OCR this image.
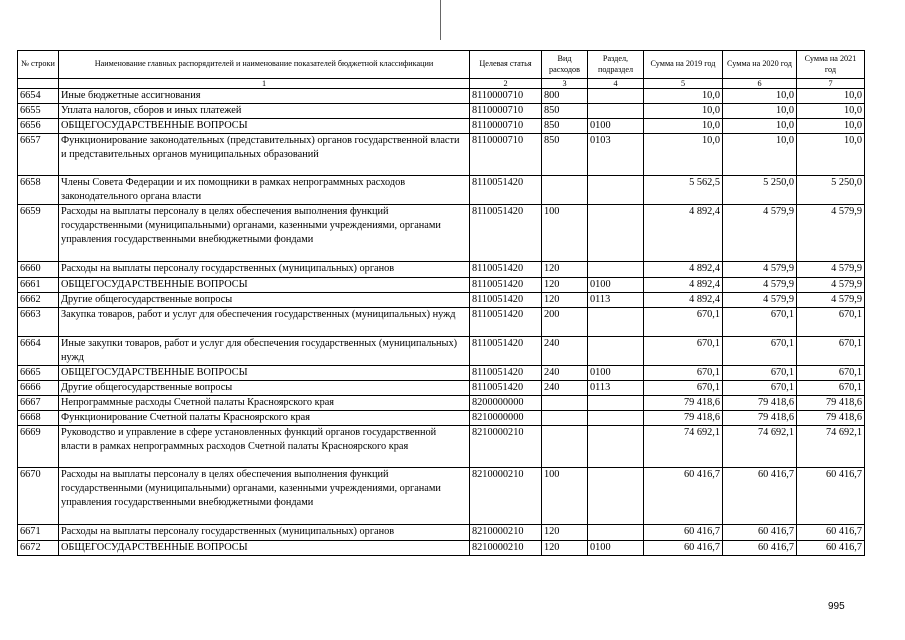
№ строки	Наименование главных распорядителей и наименование показателей бюджетной классификации	Целевая статья	Вид расходов	Раздел, подраздел	Сумма на 2019 год	Сумма на 2020 год	Сумма на 2021 год
	1	2	3	4	5	6	7
6654	Иные бюджетные ассигнования	8110000710	800		10,0	10,0	10,0
6655	Уплата налогов, сборов и иных платежей	8110000710	850		10,0	10,0	10,0
6656	ОБЩЕГОСУДАРСТВЕННЫЕ ВОПРОСЫ	8110000710	850	0100	10,0	10,0	10,0
6657	Функционирование законодательных (представительных) органов государственной власти и представительных органов муниципальных образований	8110000710	850	0103	10,0	10,0	10,0
6658	Члены Совета Федерации и их помощники в рамках непрограммных расходов законодательного органа власти	8110051420			5 562,5	5 250,0	5 250,0
6659	Расходы на выплаты персоналу в целях обеспечения выполнения функций государственными (муниципальными) органами, казенными учреждениями, органами управления государственными внебюджетными фондами	8110051420	100		4 892,4	4 579,9	4 579,9
6660	Расходы на выплаты персоналу государственных (муниципальных) органов	8110051420	120		4 892,4	4 579,9	4 579,9
6661	ОБЩЕГОСУДАРСТВЕННЫЕ ВОПРОСЫ	8110051420	120	0100	4 892,4	4 579,9	4 579,9
6662	Другие общегосударственные вопросы	8110051420	120	0113	4 892,4	4 579,9	4 579,9
6663	Закупка товаров, работ и услуг для обеспечения государственных (муниципальных) нужд	8110051420	200		670,1	670,1	670,1
6664	Иные закупки товаров, работ и услуг для обеспечения государственных (муниципальных) нужд	8110051420	240		670,1	670,1	670,1
6665	ОБЩЕГОСУДАРСТВЕННЫЕ ВОПРОСЫ	8110051420	240	0100	670,1	670,1	670,1
6666	Другие общегосударственные вопросы	8110051420	240	0113	670,1	670,1	670,1
6667	Непрограммные расходы Счетной палаты Красноярского края	8200000000			79 418,6	79 418,6	79 418,6
6668	Функционирование Счетной палаты Красноярского края	8210000000			79 418,6	79 418,6	79 418,6
6669	Руководство и управление в сфере установленных функций органов государственной власти в рамках непрограммных расходов Счетной палаты Красноярского края	8210000210			74 692,1	74 692,1	74 692,1
6670	Расходы на выплаты персоналу в целях обеспечения выполнения функций государственными (муниципальными) органами, казенными учреждениями, органами управления государственными внебюджетными фондами	8210000210	100		60 416,7	60 416,7	60 416,7
6671	Расходы на выплаты персоналу государственных (муниципальных) органов	8210000210	120		60 416,7	60 416,7	60 416,7
6672	ОБЩЕГОСУДАРСТВЕННЫЕ ВОПРОСЫ	8210000210	120	0100	60 416,7	60 416,7	60 416,7
995
